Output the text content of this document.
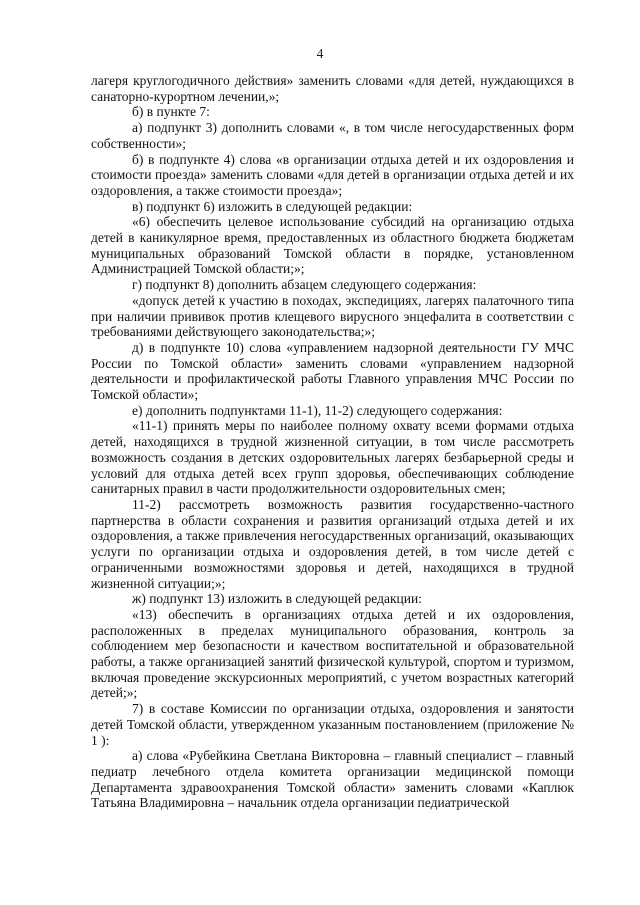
4

лагеря круглогодичного действия» заменить словами «для детей, нуждающихся в санаторно-курортном лечении,»;

б) в пункте 7:

а) подпункт 3) дополнить словами «, в том числе негосударственных форм собственности»;

б) в подпункте 4) слова «в организации отдыха детей и их оздоровления и стоимости проезда» заменить словами «для детей в организации отдыха детей и их оздоровления, а также стоимости проезда»;

в) подпункт 6) изложить в следующей редакции:

«6) обеспечить целевое использование субсидий на организацию отдыха детей в каникулярное время, предоставленных из областного бюджета бюджетам муниципальных образований Томской области в порядке, установленном Администрацией Томской области;»;

г) подпункт 8) дополнить абзацем следующего содержания:

«допуск детей к участию в походах, экспедициях, лагерях палаточного типа при наличии прививок против клещевого вирусного энцефалита в соответствии с требованиями действующего законодательства;»;

д) в подпункте 10) слова «управлением надзорной деятельности ГУ МЧС России по Томской области» заменить словами «управлением надзорной деятельности и профилактической работы Главного управления МЧС России по Томской области»;

е) дополнить подпунктами 11-1), 11-2) следующего содержания:

«11-1) принять меры по наиболее полному охвату всеми формами отдыха детей, находящихся в трудной жизненной ситуации, в том числе рассмотреть возможность создания в детских оздоровительных лагерях безбарьерной среды и условий для отдыха детей всех групп здоровья, обеспечивающих соблюдение санитарных правил в части продолжительности оздоровительных смен;

11-2) рассмотреть возможность развития государственно-частного партнерства в области сохранения и развития организаций отдыха детей и их оздоровления, а также привлечения негосударственных организаций, оказывающих услуги по организации отдыха и оздоровления детей, в том числе детей с ограниченными возможностями здоровья и детей, находящихся в трудной жизненной ситуации;»;

ж) подпункт 13) изложить в следующей редакции:

«13) обеспечить в организациях отдыха детей и их оздоровления, расположенных в пределах муниципального образования, контроль за соблюдением мер безопасности и качеством воспитательной и образовательной работы, а также организацией занятий физической культурой, спортом и туризмом, включая проведение экскурсионных мероприятий, с учетом возрастных категорий детей;»;

7) в составе Комиссии по организации отдыха, оздоровления и занятости детей Томской области, утвержденном указанным постановлением (приложение № 1 ):

а) слова «Рубейкина Светлана Викторовна – главный специалист – главный педиатр лечебного отдела комитета организации медицинской помощи Департамента здравоохранения Томской области» заменить словами «Каплюк Татьяна Владимировна – начальник отдела организации педиатрической
